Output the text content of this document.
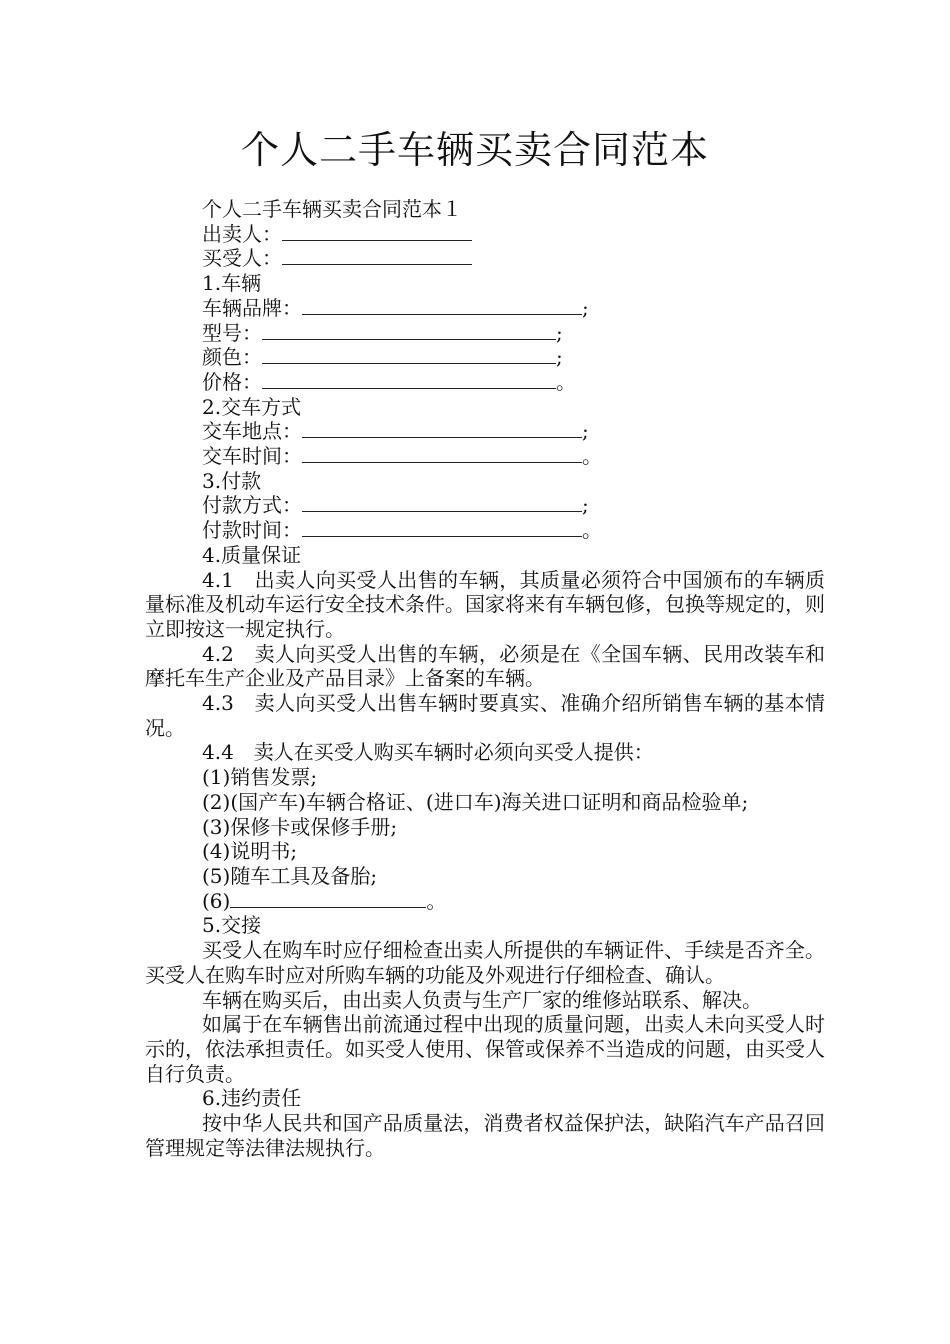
个人二手车辆买卖合同范本
个人二手车辆买卖合同范本１
出卖人：
买受人：
1.车辆
车辆品牌：	;
型号：	;
颜色：	;
价格：	。
2.交车方式
交车地点：	;
交车时间：	。
3.付款
付款方式：	;
付款时间：	。
4.质量保证
4.1　出卖人向买受人出售的车辆，其质量必须符合中国颁布的车辆质量标准及机动车运行安全技术条件。国家将来有车辆包修，包换等规定的，则立即按这一规定执行。
4.2　卖人向买受人出售的车辆，必须是在《全国车辆、民用改装车和摩托车生产企业及产品目录》上备案的车辆。
4.3　卖人向买受人出售车辆时要真实、准确介绍所销售车辆的基本情况。
4.4　卖人在买受人购买车辆时必须向买受人提供：
(1)销售发票;
(2)(国产车)车辆合格证、(进口车)海关进口证明和商品检验单;
(3)保修卡或保修手册;
(4)说明书;
(5)随车工具及备胎;
(6)	。
5.交接
买受人在购车时应仔细检查出卖人所提供的车辆证件、手续是否齐全。 买受人在购车时应对所购车辆的功能及外观进行仔细检查、确认。
车辆在购买后，由出卖人负责与生产厂家的维修站联系、解决。
如属于在车辆售出前流通过程中出现的质量问题，出卖人未向买受人时示的，依法承担责任。如买受人使用、保管或保养不当造成的问题，由买受人自行负责。
6.违约责任
按中华人民共和国产品质量法，消费者权益保护法，缺陷汽车产品召回管理规定等法律法规执行。
